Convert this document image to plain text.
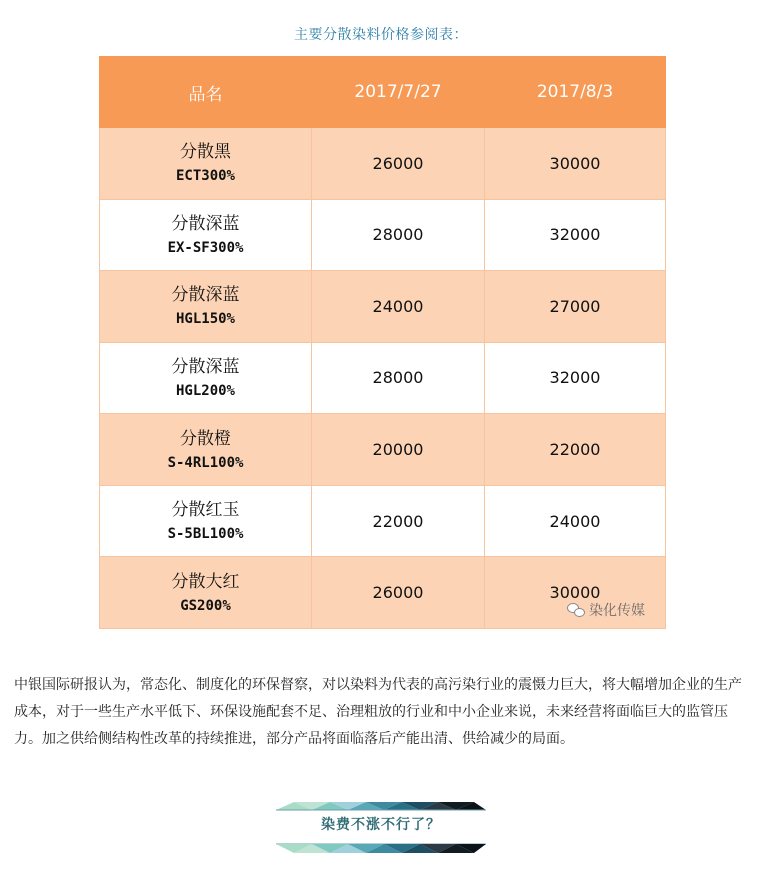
主要分散染料价格参阅表：
品名	2017/7/27	2017/8/3

分散黑
ECT300%	26000	30000

分散深蓝
EX-SF300%	28000	32000

分散深蓝
HGL150%	24000	27000

分散深蓝
HGL200%	28000	32000

分散橙
S-4RL100%	20000	22000

分散红玉
S-5BL100%	22000	24000

分散大红
GS200%	26000	30000
染化传媒
中银国际研报认为，常态化、制度化的环保督察，对以染料为代表的高污染行业的震慑力巨大，将大幅增加企业的生产成本，对于一些生产水平低下、环保设施配套不足、治理粗放的行业和中小企业来说，未来经营将面临巨大的监管压力。加之供给侧结构性改革的持续推进，部分产品将面临落后产能出清、供给减少的局面。
染费不涨不行了？
